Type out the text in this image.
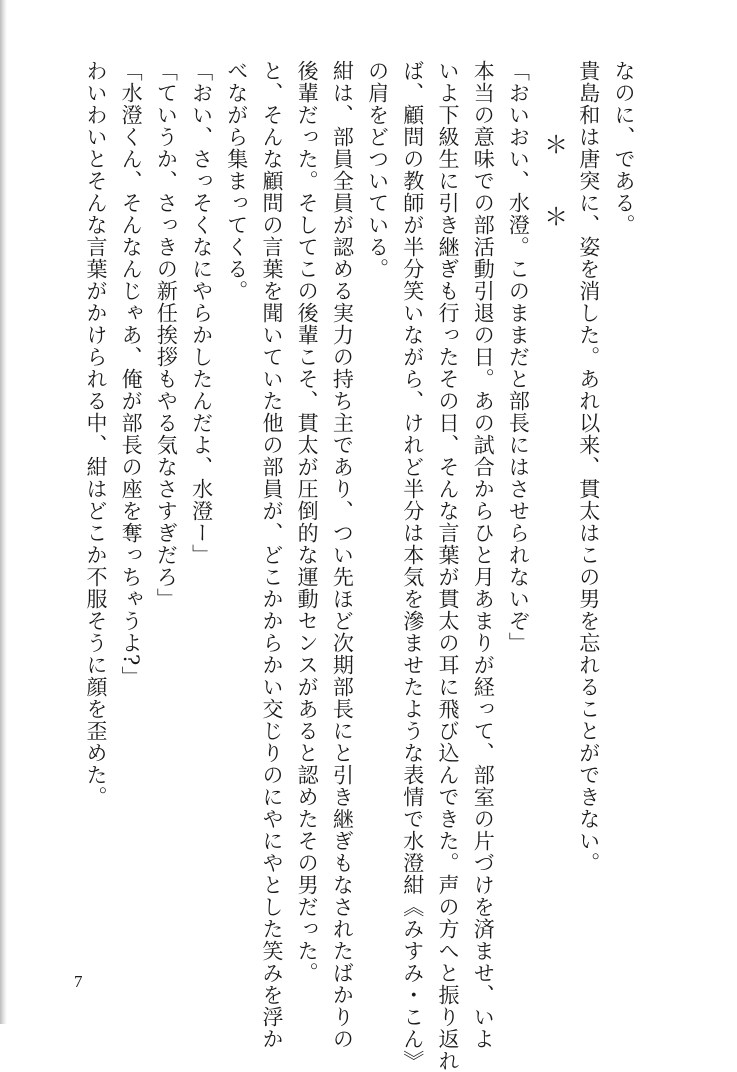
なのに、である。
貴島和は唐突に、姿を消した。あれ以来、貫太はこの男を忘れることができない。
＊＊
「おいおい、水澄。このままだと部長にはさせられないぞ」
本当の意味での部活動引退の日。あの試合からひと月あまりが経って、部室の片づけを済ませ、いよ
いよ下級生に引き継ぎも行ったその日、そんな言葉が貫太の耳に飛び込んできた。声の方へと振り返れ
ば、顧問の教師が半分笑いながら、けれど半分は本気を滲ませたような表情で水澄紺《みすみ・こん》
の肩をどついている。
紺は、部員全員が認める実力の持ち主であり、つい先ほど次期部長にと引き継ぎもなされたばかりの
後輩だった。そしてこの後輩こそ、貫太が圧倒的な運動センスがあると認めたその男だった。
と、そんな顧問の言葉を聞いていた他の部員が、どこかからかい交じりのにやにやとした笑みを浮か
べながら集まってくる。
「おい、さっそくなにやらかしたんだよ、水澄ー」
「ていうか、さっきの新任挨拶もやる気なさすぎだろ」
「水澄くん、そんなんじゃあ、俺が部長の座を奪っちゃうよ?」
わいわいとそんな言葉がかけられる中、紺はどこか不服そうに顔を歪めた。
7
